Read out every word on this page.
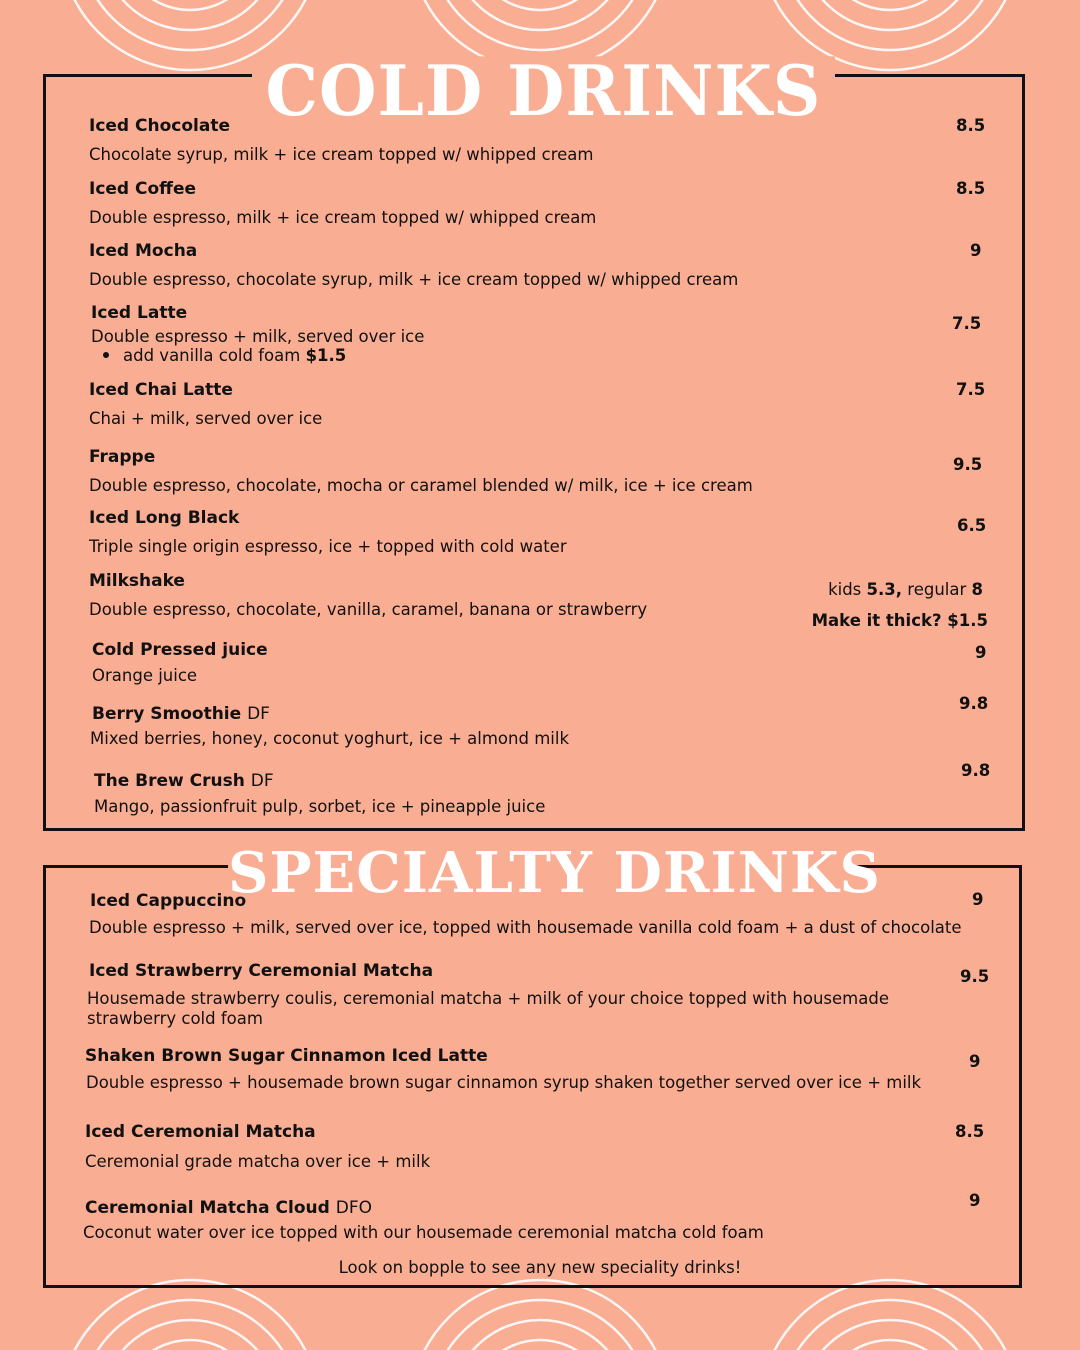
COLD DRINKS
Iced Chocolate
Chocolate syrup, milk + ice cream topped w/ whipped cream
8.5
Iced Coffee
Double espresso, milk + ice cream topped w/ whipped cream
8.5
Iced Mocha
Double espresso, chocolate syrup, milk + ice cream topped w/ whipped cream
9
Iced Latte
Double espresso + milk, served over ice
add vanilla cold foam $1.5
7.5
Iced Chai Latte
Chai + milk, served over ice
7.5
Frappe
Double espresso, chocolate, mocha or caramel blended w/ milk, ice + ice cream
9.5
Iced Long Black
Triple single origin espresso, ice + topped with cold water
6.5
Milkshake
Double espresso, chocolate, vanilla, caramel, banana or strawberry
kids 5.3, regular 8
Make it thick? $1.5
Cold Pressed juice
Orange juice
9
Berry Smoothie DF
Mixed berries, honey, coconut yoghurt, ice + almond milk
9.8
The Brew Crush DF
Mango, passionfruit pulp, sorbet, ice + pineapple juice
9.8
SPECIALTY DRINKS
Iced Cappuccino
Double espresso + milk, served over ice, topped with housemade vanilla cold foam + a dust of chocolate
9
Iced Strawberry Ceremonial Matcha
Housemade strawberry coulis, ceremonial matcha + milk of your choice topped with housemade
strawberry cold foam
9.5
Shaken Brown Sugar Cinnamon Iced Latte
Double espresso + housemade brown sugar cinnamon syrup shaken together served over ice + milk
9
Iced Ceremonial Matcha
Ceremonial grade matcha over ice + milk
8.5
Ceremonial Matcha Cloud DFO
Coconut water over ice topped with our housemade ceremonial matcha cold foam
9
Look on bopple to see any new speciality drinks!
